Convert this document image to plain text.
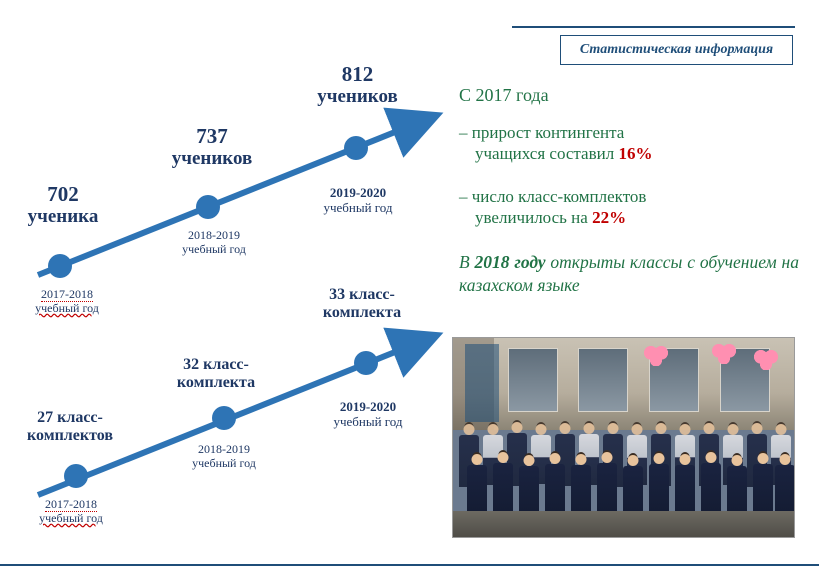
Статистическая информация
702
ученика
737
учеников
812
учеников
2017-2018
учебный год
2018-2019
учебный год
2019-2020
учебный год
27 класс-
комплектов
32 класс-
комплекта
33 класс-
комплекта
2017-2018
учебный год
2018-2019
учебный год
2019-2020
учебный год
С 2017 года
– прирост контингента
учащихся составил 16%
– число класс-комплектов
увеличилось на 22%
В 2018 году открыты классы с обучением на казахском языке
